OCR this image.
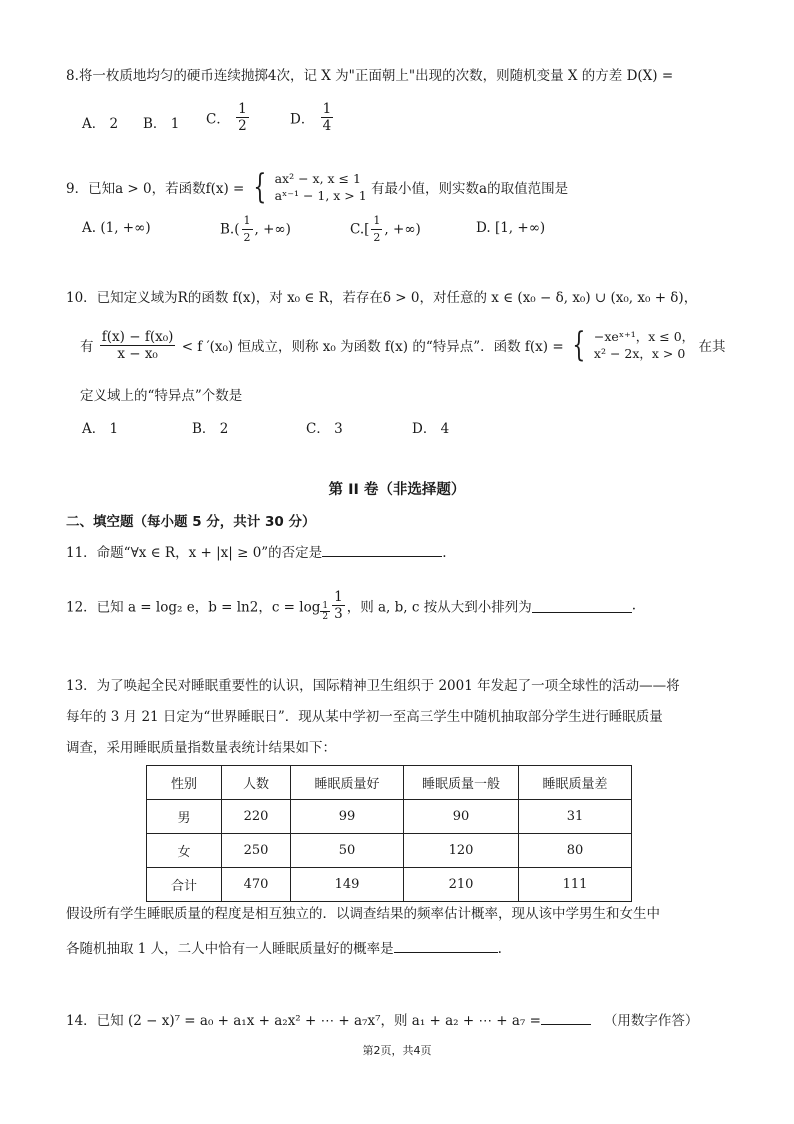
8.将一枚质地均匀的硬币连续抛掷4次，记 X 为"正面朝上"出现的次数，则随机变量 X 的方差 D(X) =
A． 2 B． 1 C． $\frac{1}{2}$	D． $\frac{1}{4}$
9．已知a > 0，若函数f(x) = { ax² − x, x ≤ 1
aˣ⁻¹ − 1, x > 1 有最小值，则实数a的取值范围是
A. (1, +∞)	$B.( \frac{1}{2}$ , +∞)	$C.[ \frac{1}{2}$ , +∞)	D. [1, +∞)
10．已知定义域为R的函数 f(x)，对 x₀ ∈ R，若存在δ > 0，对任意的 x ∈ (x₀ − δ, x₀) ∪ (x₀, x₀ + δ)，
有 $\frac{\text{f(x) − f(x₀)}}{\text{x − x₀}} < f$ ′(x₀) 恒成立，则称 x₀ 为函数 f(x) 的“特异点”．函数 f(x) = { −xeˣ⁺¹，x ≤ 0，
x² − 2x，x > 0 在其
定义域上的“特异点”个数是
A． 1	B． 2	C． 3	D． 4
第 II 卷（非选择题）
二、填空题（每小题 5 分，共计 30 分）
11．命题“∀x ∈ R，x + |x| ≥ 0”的否定是	.
12．已知 a = log₂ e，b = ln2，$c = \log \frac{1}{2} \frac{1}{3}$ ，则 a, b, c 按从大到小排列为	.
13．为了唤起全民对睡眠重要性的认识，国际精神卫生组织于 2001 年发起了一项全球性的活动——将
每年的 3 月 21 日定为“世界睡眠日”．现从某中学初一至高三学生中随机抽取部分学生进行睡眠质量
调查，采用睡眠质量指数量表统计结果如下：
性别	人数	睡眠质量好	睡眠质量一般	睡眠质量差
男	220	99	90	31
女	250	50	120	80
合计	470	149	210	111
假设所有学生睡眠质量的程度是相互独立的．以调查结果的频率估计概率，现从该中学男生和女生中
各随机抽取 1 人，二人中恰有一人睡眠质量好的概率是	.
14．已知 (2 − x)⁷ = a₀ + a₁x + a₂x² + ⋯ + a₇x⁷，则 a₁ + a₂ + ⋯ + a₇ =	（用数字作答）
第2页，共4页
